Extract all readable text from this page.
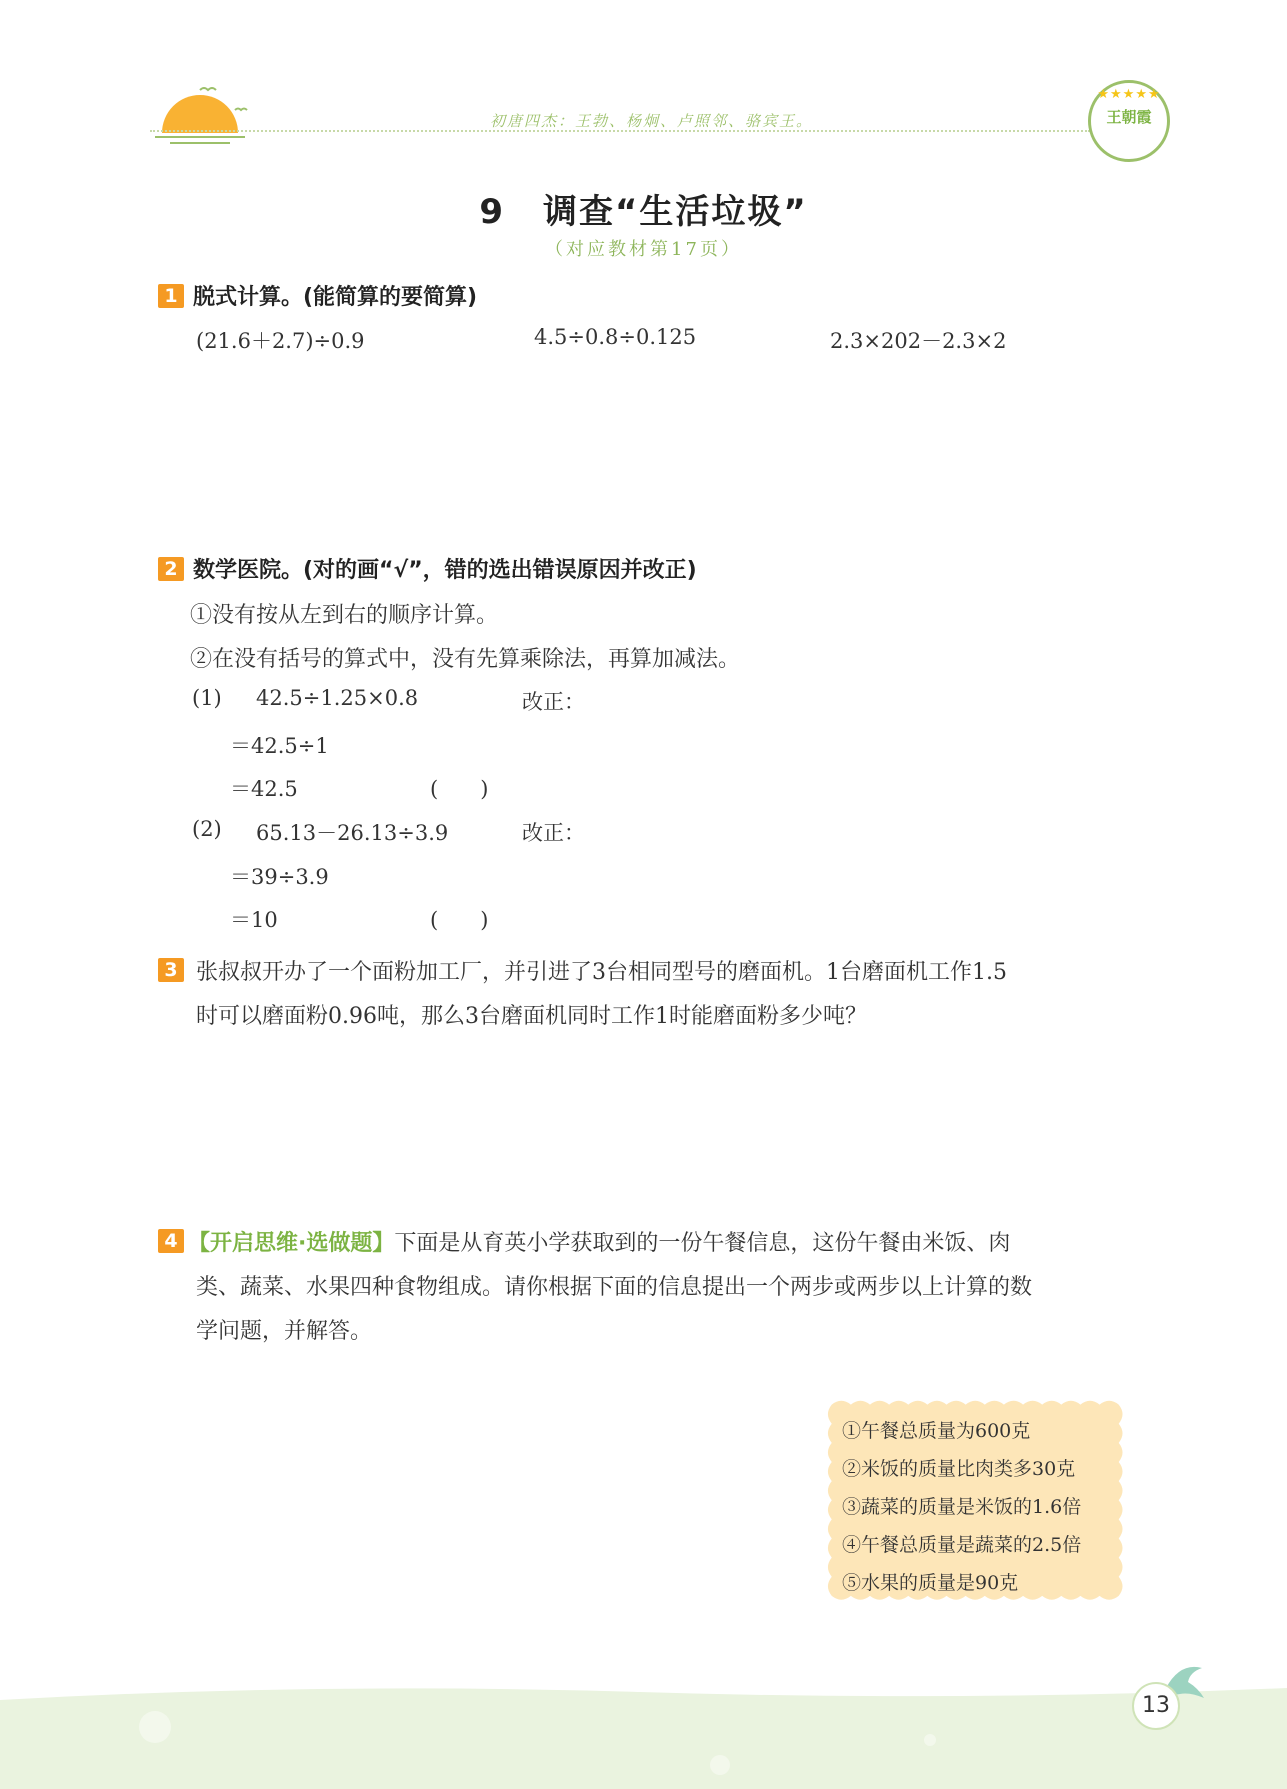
初唐四杰：王勃、杨炯、卢照邻、骆宾王。
★★★★★
王朝霞
9 调查“生活垃圾”
（对应教材第17页）
1 脱式计算。(能简算的要简算)
(21.6＋2.7)÷0.9	4.5÷0.8÷0.125	2.3×202－2.3×2
2 数学医院。(对的画“√”，错的选出错误原因并改正)
①没有按从左到右的顺序计算。
②在没有括号的算式中，没有先算乘除法，再算加减法。
(1) 42.5÷1.25×0.8	改正：
＝42.5÷1
＝42.5	(　　)
(2) 65.13－26.13÷3.9	改正：
＝39÷3.9
＝10	(　　)
3 张叔叔开办了一个面粉加工厂，并引进了3台相同型号的磨面机。1台磨面机工作1.5
时可以磨面粉0.96吨，那么3台磨面机同时工作1时能磨面粉多少吨？
4 【开启思维·选做题】下面是从育英小学获取到的一份午餐信息，这份午餐由米饭、肉
类、蔬菜、水果四种食物组成。请你根据下面的信息提出一个两步或两步以上计算的数
学问题，并解答。
①午餐总质量为600克
②米饭的质量比肉类多30克
③蔬菜的质量是米饭的1.6倍
④午餐总质量是蔬菜的2.5倍
⑤水果的质量是90克
13
